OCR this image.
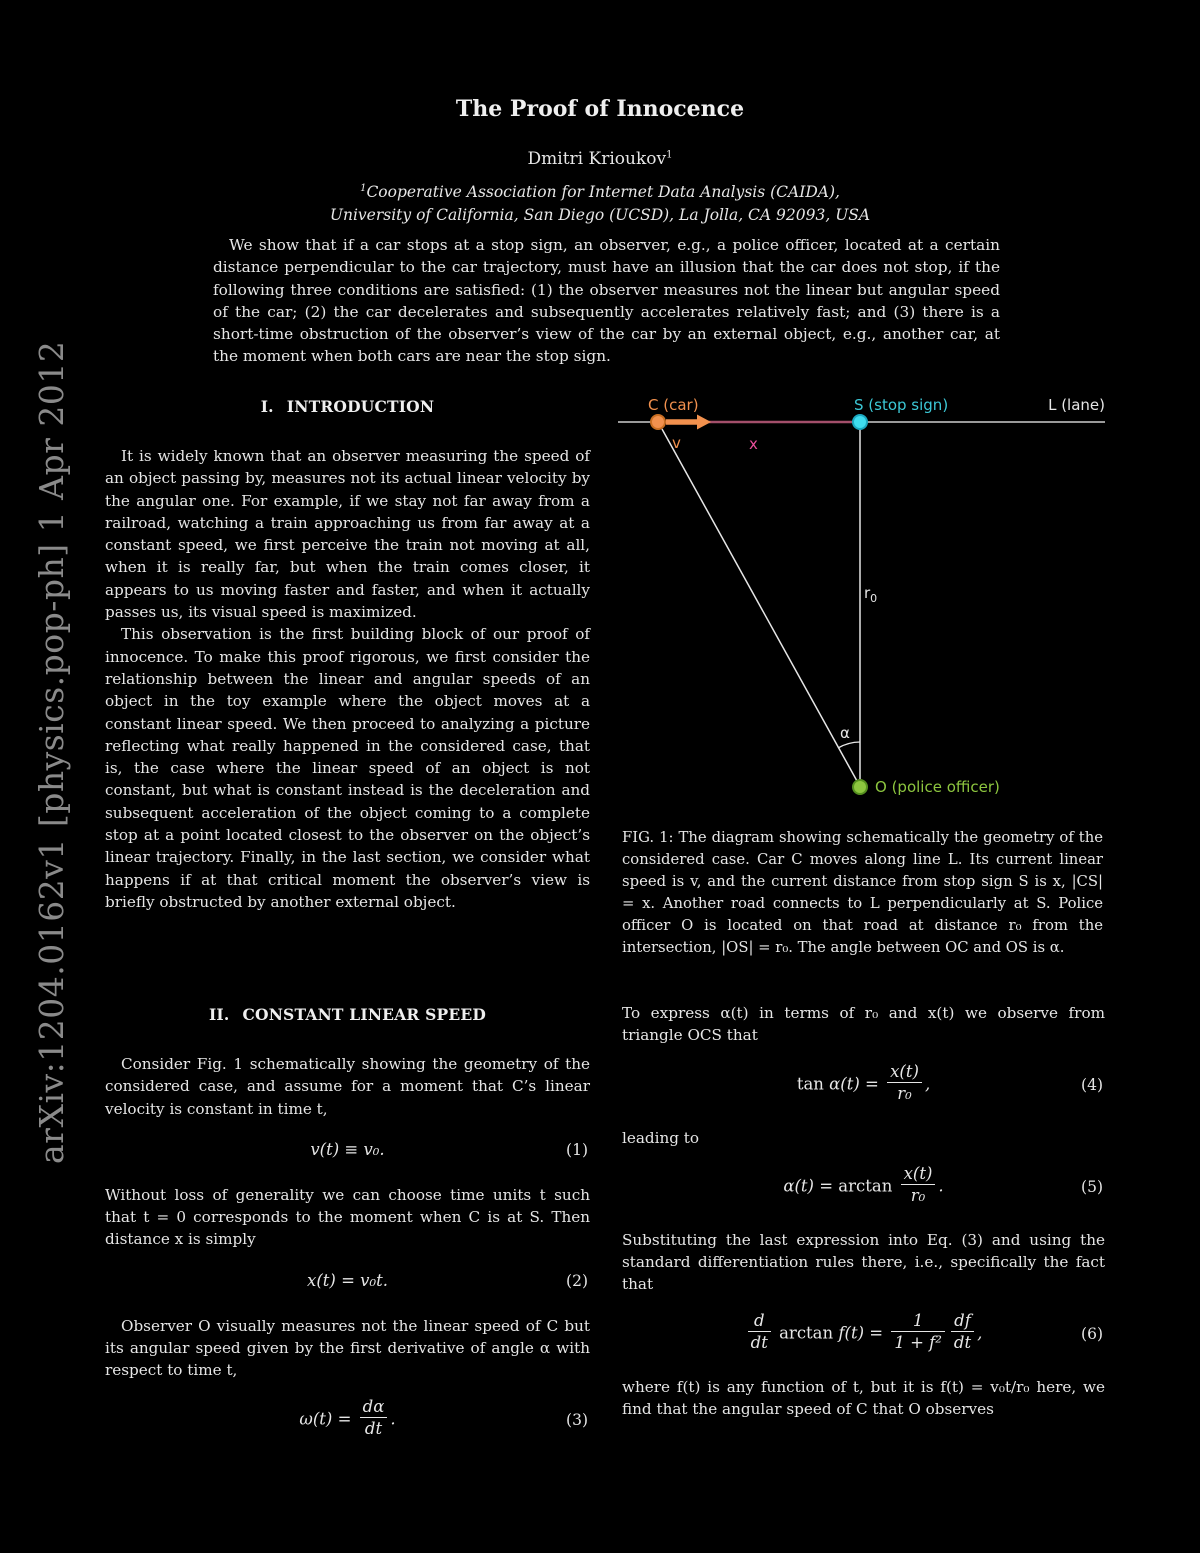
arXiv:1204.0162v1 [physics.pop-ph] 1 Apr 2012
The Proof of Innocence
Dmitri Krioukov$^1$
$^1$Cooperative Association for Internet Data Analysis (CAIDA),
University of California, San Diego (UCSD), La Jolla, CA 92093, USA

We show that if a car stops at a stop sign, an observer, e.g., a police officer, located at a certain distance perpendicular to the car trajectory, must have an illusion that the car does not stop, if the following three conditions are satisfied: (1) the observer measures not the linear but angular speed of the car; (2) the car decelerates and subsequently accelerates relatively fast; and (3) there is a short-time obstruction of the observer’s view of the car by an external object, e.g., another car, at the moment when both cars are near the stop sign.

I. INTRODUCTION

It is widely known that an observer measuring the speed of an object passing by, measures not its actual linear velocity by the angular one. For example, if we stay not far away from a railroad, watching a train approaching us from far away at a constant speed, we first perceive the train not moving at all, when it is really far, but when the train comes closer, it appears to us moving faster and faster, and when it actually passes us, its visual speed is maximized.

This observation is the first building block of our proof of innocence. To make this proof rigorous, we first consider the relationship between the linear and angular speeds of an object in the toy example where the object moves at a constant linear speed. We then proceed to analyzing a picture reflecting what really happened in the considered case, that is, the case where the linear speed of an object is not constant, but what is constant instead is the deceleration and subsequent acceleration of the object coming to a complete stop at a point located closest to the observer on the object’s linear trajectory. Finally, in the last section, we consider what happens if at that critical moment the observer’s view is briefly obstructed by another external object.

II. CONSTANT LINEAR SPEED

Consider Fig. 1 schematically showing the geometry of the considered case, and assume for a moment that C’s linear velocity is constant in time t,

v(t) ≡ v₀.	(1)

Without loss of generality we can choose time units t such that t = 0 corresponds to the moment when C is at S. Then distance x is simply

x(t) = v₀t.	(2)

Observer O visually measures not the linear speed of C but its angular speed given by the first derivative of angle α with respect to time t,

$\omega(t) = \frac{d\alpha}{dt}$ .	(3)
C (car)	S (stop sign)	L (lane)
v	x
$r_0$
α
O (police officer)

FIG. 1: The diagram showing schematically the geometry of the considered case. Car C moves along line L. Its current linear speed is v, and the current distance from stop sign S is x, |CS| = x. Another road connects to L perpendicularly at S. Police officer O is located on that road at distance r₀ from the intersection, |OS| = r₀. The angle between OC and OS is α.

To express α(t) in terms of r₀ and x(t) we observe from triangle OCS that

$\tan \alpha(t) = \frac{x(t)}{\text{r₀}}$ ,	(4)

leading to

$\alpha(t) = \arctan \frac{x(t)}{\text{r₀}}$ .	(5)

Substituting the last expression into Eq. (3) and using the standard differentiation rules there, i.e., specifically the fact that

$\frac{d}{dt}$ $\arctan f(t) = \frac{1}{\text{1 + f²}} \frac{df}{dt}$ ,	(6)

where f(t) is any function of t, but it is f(t) = v₀t/r₀ here, we find that the angular speed of C that O observes
